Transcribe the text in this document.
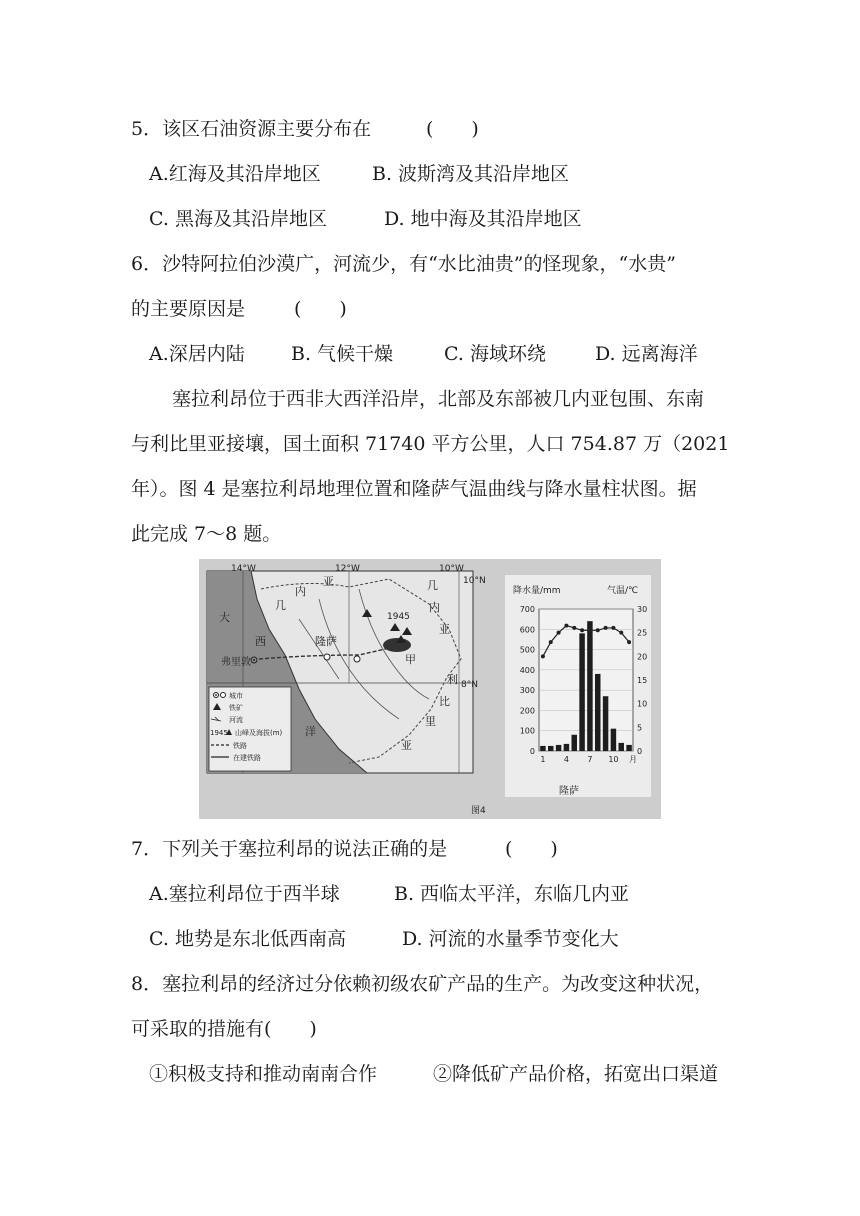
5．该区石油资源主要分布在	(　　)
A.红海及其沿岸地区	B. 波斯湾及其沿岸地区
C. 黑海及其沿岸地区	D. 地中海及其沿岸地区
6．沙特阿拉伯沙漠广，河流少，有“水比油贵”的怪现象，“水贵”
的主要原因是	(　　)
A.深居内陆 B. 气候干燥	C. 海域环绕	D. 远离海洋
塞拉利昂位于西非大西洋沿岸，北部及东部被几内亚包围、东南
与利比里亚接壤，国土面积 71740 平方公里，人口 754.87 万（2021
年）。图 4 是塞拉利昂地理位置和隆萨气温曲线与降水量柱状图。据
此完成 7～8 题。
14°W	12°W	10°W
10°N
8°N
几
内
亚
大
西
洋
隆萨
弗里敦	甲
利
比
里
亚
几
内
亚
1945
城市
铁矿
河流
1945 山峰及海拔(m)
铁路
在建铁路
降水量/mm	气温/℃
700
600
500
400
300
200
100
0
30
25
20
15
10
5
0
1 4 7 10 月
隆萨
图4
7．下列关于塞拉利昂的说法正确的是	(　　)
A.塞拉利昂位于西半球	B. 西临太平洋，东临几内亚
C. 地势是东北低西南高	D. 河流的水量季节变化大
8．塞拉利昂的经济过分依赖初级农矿产品的生产。为改变这种状况，
可采取的措施有(　　)
①积极支持和推动南南合作	②降低矿产品价格，拓宽出口渠道
